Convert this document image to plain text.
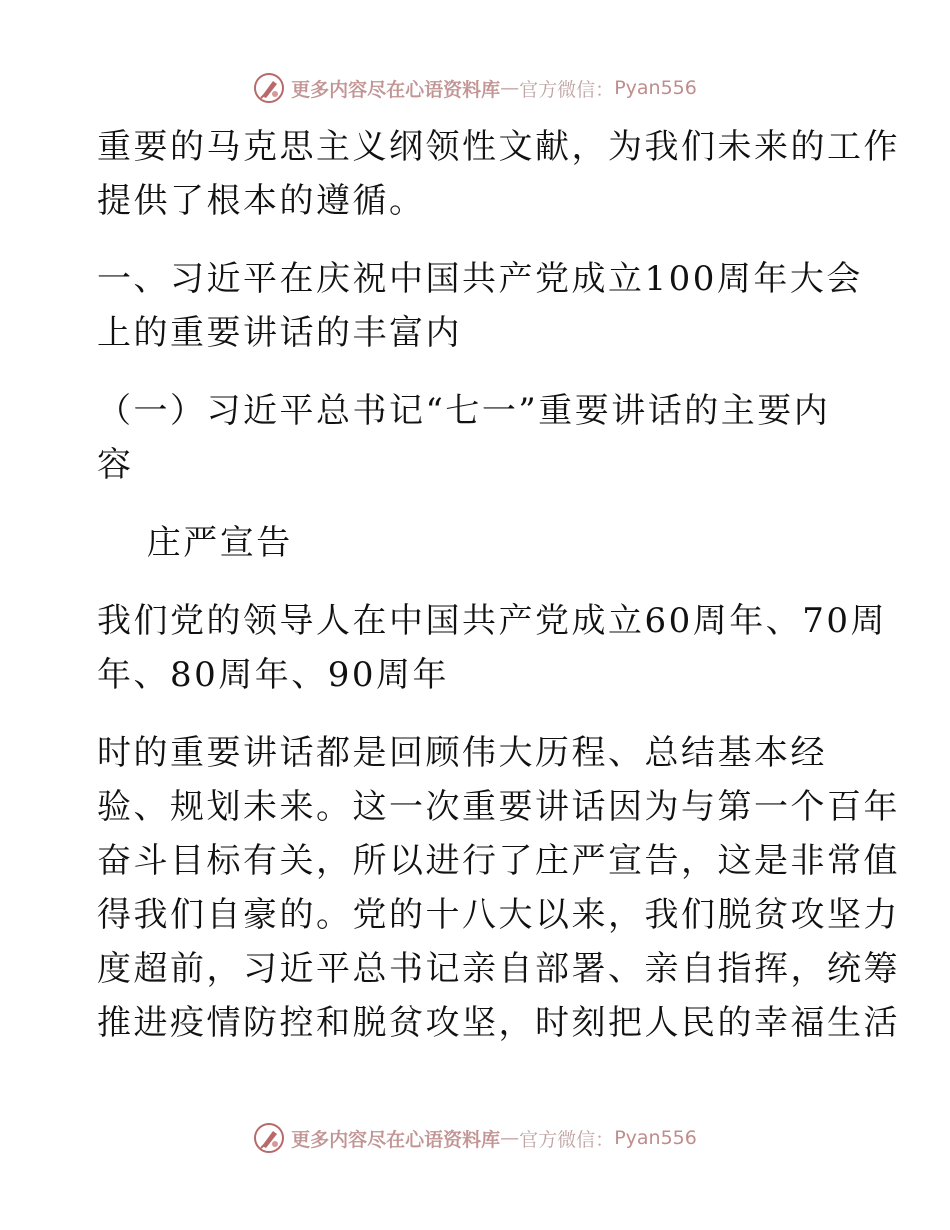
更多内容尽在心语资料库 — 官方微信： Pyan556
重要的马克思主义纲领性文献，为我们未来的工作
提供了根本的遵循。
一、习近平在庆祝中国共产党成立100周年大会
上的重要讲话的丰富内
（一）习近平总书记“七一”重要讲话的主要内
容
　 庄严宣告
我们党的领导人在中国共产党成立60周年、70周
年、80周年、90周年
时的重要讲话都是回顾伟大历程、总结基本经
验、规划未来。这一次重要讲话因为与第一个百年
奋斗目标有关，所以进行了庄严宣告，这是非常值
得我们自豪的。党的十八大以来，我们脱贫攻坚力
度超前，习近平总书记亲自部署、亲自指挥，统筹
推进疫情防控和脱贫攻坚，时刻把人民的幸福生活
更多内容尽在心语资料库 — 官方微信： Pyan556
